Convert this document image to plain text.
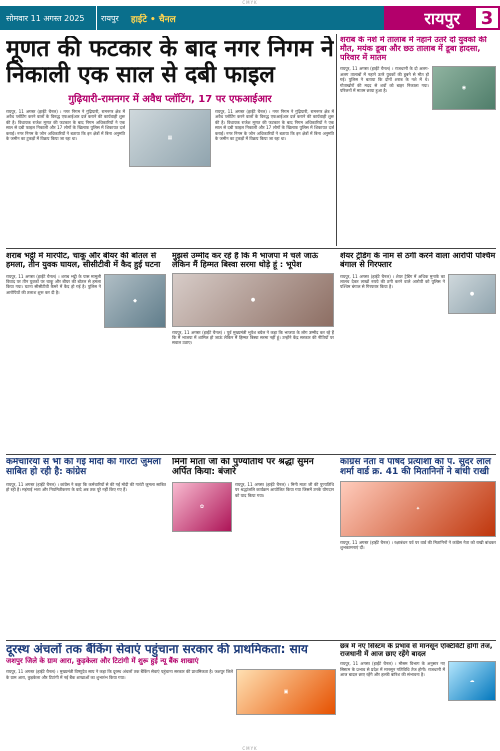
CMYK
सोमवार 11 अगस्त 2025	रायपुर	हाईटे • चैनल	रायपुर	3
मूणत की फटकार के बाद नगर निगम ने निकाली एक साल से दबी फाइल
गुढ़ियारी-रामनगर में अवैध प्लॉटिंग, 17 पर एफआईआर
रायपुर, 11 अगस्त (हाईटे चैनल) । नगर निगम ने गुढ़ियारी, रामनगर क्षेत्र में अवैध प्लॉटिंग करने वालों के विरुद्ध एफआईआर दर्ज कराने की कार्यवाही शुरू की है। विधायक राजेश मूणत की फटकार के बाद निगम अधिकारियों ने एक साल से दबी फाइल निकाली और 17 लोगों के खिलाफ पुलिस में शिकायत दर्ज कराई। नगर निगम के जोन अधिकारियों ने बताया कि इन क्षेत्रों में बिना अनुमति के जमीन का टुकड़ों में विक्रय किया जा रहा था।	▦
रायपुर, 11 अगस्त (हाईटे चैनल) । नगर निगम ने गुढ़ियारी, रामनगर क्षेत्र में अवैध प्लॉटिंग करने वालों के विरुद्ध एफआईआर दर्ज कराने की कार्यवाही शुरू की है। विधायक राजेश मूणत की फटकार के बाद निगम अधिकारियों ने एक साल से दबी फाइल निकाली और 17 लोगों के खिलाफ पुलिस में शिकायत दर्ज कराई। नगर निगम के जोन अधिकारियों ने बताया कि इन क्षेत्रों में बिना अनुमति के जमीन का टुकड़ों में विक्रय किया जा रहा था।
शराब के नशे में तालाब में नहाने उतरे दो युवकों की मौत, मयंक डूबा और छठ तालाब में डूबा हादसा, परिवार में मातम
रायपुर, 11 अगस्त (हाईटे चैनल) । राजधानी के दो अलग-अलग तालाबों में नहाने उतरे युवकों की डूबने से मौत हो गई। पुलिस ने बताया कि दोनों शराब के नशे में थे। गोताखोरों की मदद से शवों को बाहर निकाला गया। परिजनों में मातम छाया हुआ है।	◉
शराब भट्ठी में मारपीट, चाकू और बीयर की बोतल से हमला, तीन युवक घायल, सीसीटीवी में कैद हुई घटना
रायपुर, 11 अगस्त (हाईटे चैनल) । शराब भट्ठी के पास मामूली विवाद पर तीन युवकों पर चाकू और बीयर की बोतल से हमला किया गया। घटना सीसीटीवी कैमरे में कैद हो गई है। पुलिस ने आरोपियों की तलाश शुरू कर दी है।
◆
मुझसे उम्मीद कर रहे हैं कि मैं भाजपा में चले जाऊं लेकिन मैं हिम्मत बिस्वा सरमा थोड़े हूं : भूपेश
●
रायपुर, 11 अगस्त (हाईटे चैनल) । पूर्व मुख्यमंत्री भूपेश बघेल ने कहा कि भाजपा के लोग उम्मीद कर रहे हैं कि मैं भाजपा में शामिल हो जाऊं लेकिन मैं हिम्मत बिस्वा सरमा नहीं हूं। उन्होंने केंद्र सरकार की नीतियों पर सवाल उठाए।
शेयर ट्रेडिंग के नाम से ठगी करने वाला आरोपी पश्चिम बंगाल से गिरफ्तार
रायपुर, 11 अगस्त (हाईटे चैनल) । शेयर ट्रेडिंग में अधिक मुनाफे का लालच देकर लाखों रुपये की ठगी करने वाले आरोपी को पुलिस ने पश्चिम बंगाल से गिरफ्तार किया है।
●
कर्मचारियों से भी की गई मोदी की गारंटी जुमला साबित हो रही है: कांग्रेस
रायपुर, 11 अगस्त (हाईटे चैनल) । कांग्रेस ने कहा कि कर्मचारियों से की गई मोदी की गारंटी जुमला साबित हो रही है। महंगाई भत्ता और नियमितीकरण के वादे अब तक पूरे नहीं किए गए हैं।
मिनी माता जी की पुण्यतिथि पर श्रद्धा सुमन अर्पित किया: बंजारे
✿
रायपुर, 11 अगस्त (हाईटे चैनल) । मिनी माता जी की पुण्यतिथि पर श्रद्धांजलि कार्यक्रम आयोजित किया गया जिसमें उनके योगदान को याद किया गया।
कांग्रेस नेता व पार्षद प्रत्याशी को पं. सुंदर लाल शर्मा वार्ड क्र. 41 की मितानिनों ने बांधी राखी
✦
रायपुर, 11 अगस्त (हाईटे चैनल) । रक्षाबंधन पर्व पर वार्ड की मितानिनों ने कांग्रेस नेता को राखी बांधकर शुभकामनाएं दीं।
दूरस्थ अंचलों तक बैंकिंग सेवाएं पहुंचाना सरकार की प्राथमिकता: साय
जशपुर जिले के ग्राम आरा, कुड़केला और टिटांगी में शुरू हुई न्यू बैंक शाखाएं
रायपुर, 11 अगस्त (हाईटे चैनल) । मुख्यमंत्री विष्णुदेव साय ने कहा कि दूरस्थ अंचलों तक बैंकिंग सेवाएं पहुंचाना सरकार की प्राथमिकता है। जशपुर जिले के ग्राम आरा, कुड़केला और टिटांगी में नई बैंक शाखाओं का शुभारंभ किया गया।
▣
छत्र में नए सिस्टम के प्रभाव से मानसून एक्टिविटी होगी तेज, राजधानी में आज छाए रहेंगे बादल
रायपुर, 11 अगस्त (हाईटे चैनल) । मौसम विभाग के अनुसार नए सिस्टम के प्रभाव से प्रदेश में मानसून गतिविधि तेज होगी। राजधानी में आज बादल छाए रहेंगे और हल्की बारिश की संभावना है।
☁
CMYK
